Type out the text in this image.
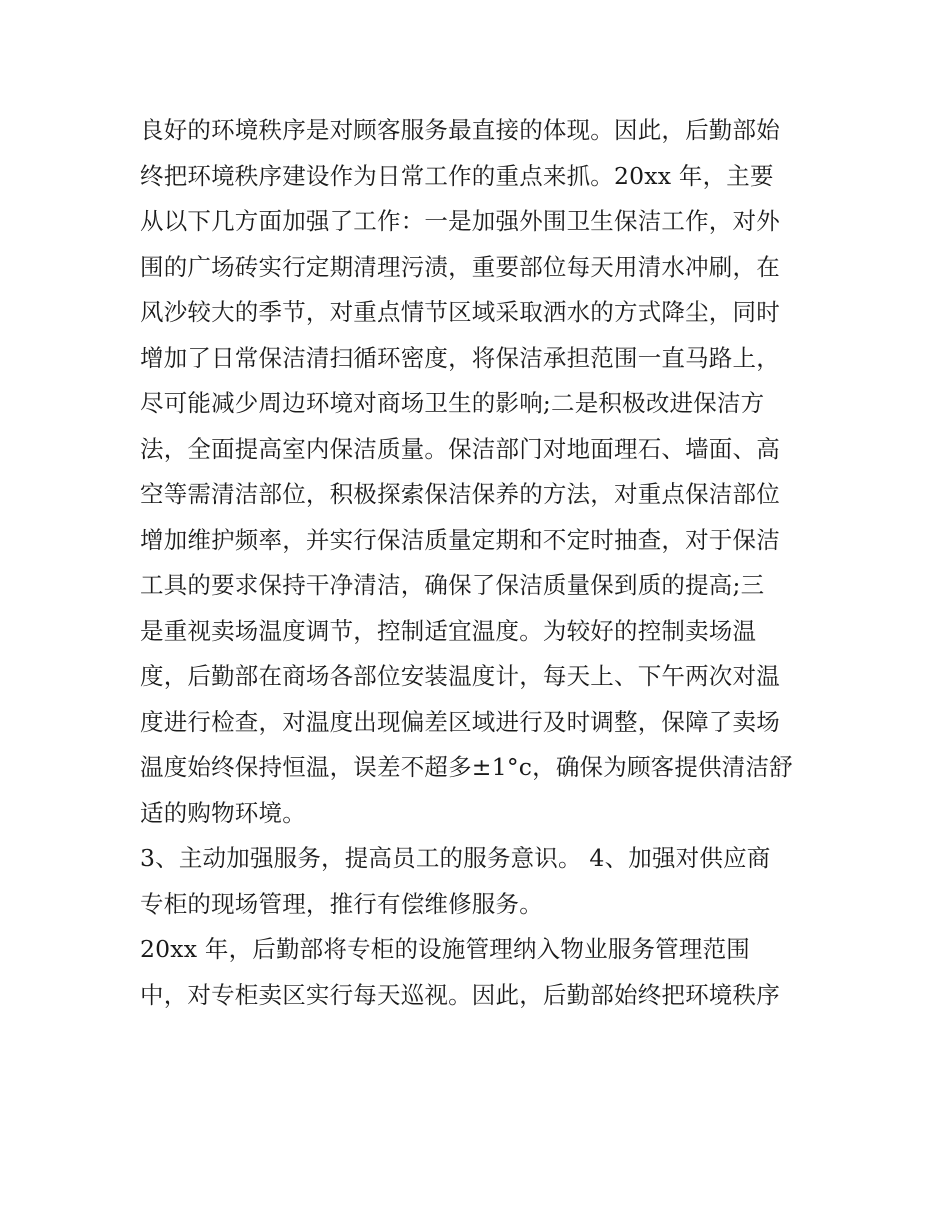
良好的环境秩序是对顾客服务最直接的体现。因此，后勤部始
终把环境秩序建设作为日常工作的重点来抓。20xx 年，主要
从以下几方面加强了工作：一是加强外围卫生保洁工作，对外
围的广场砖实行定期清理污渍，重要部位每天用清水冲刷，在
风沙较大的季节，对重点情节区域采取洒水的方式降尘，同时
增加了日常保洁清扫循环密度，将保洁承担范围一直马路上，
尽可能减少周边环境对商场卫生的影响;二是积极改进保洁方
法，全面提高室内保洁质量。保洁部门对地面理石、墙面、高
空等需清洁部位，积极探索保洁保养的方法，对重点保洁部位
增加维护频率，并实行保洁质量定期和不定时抽查，对于保洁
工具的要求保持干净清洁，确保了保洁质量保到质的提高;三
是重视卖场温度调节，控制适宜温度。为较好的控制卖场温
度，后勤部在商场各部位安装温度计，每天上、下午两次对温
度进行检查，对温度出现偏差区域进行及时调整，保障了卖场
温度始终保持恒温，误差不超多±1°c，确保为顾客提供清洁舒
适的购物环境。
3、主动加强服务，提高员工的服务意识。 4、加强对供应商
专柜的现场管理，推行有偿维修服务。
20xx 年，后勤部将专柜的设施管理纳入物业服务管理范围
中，对专柜卖区实行每天巡视。因此，后勤部始终把环境秩序
